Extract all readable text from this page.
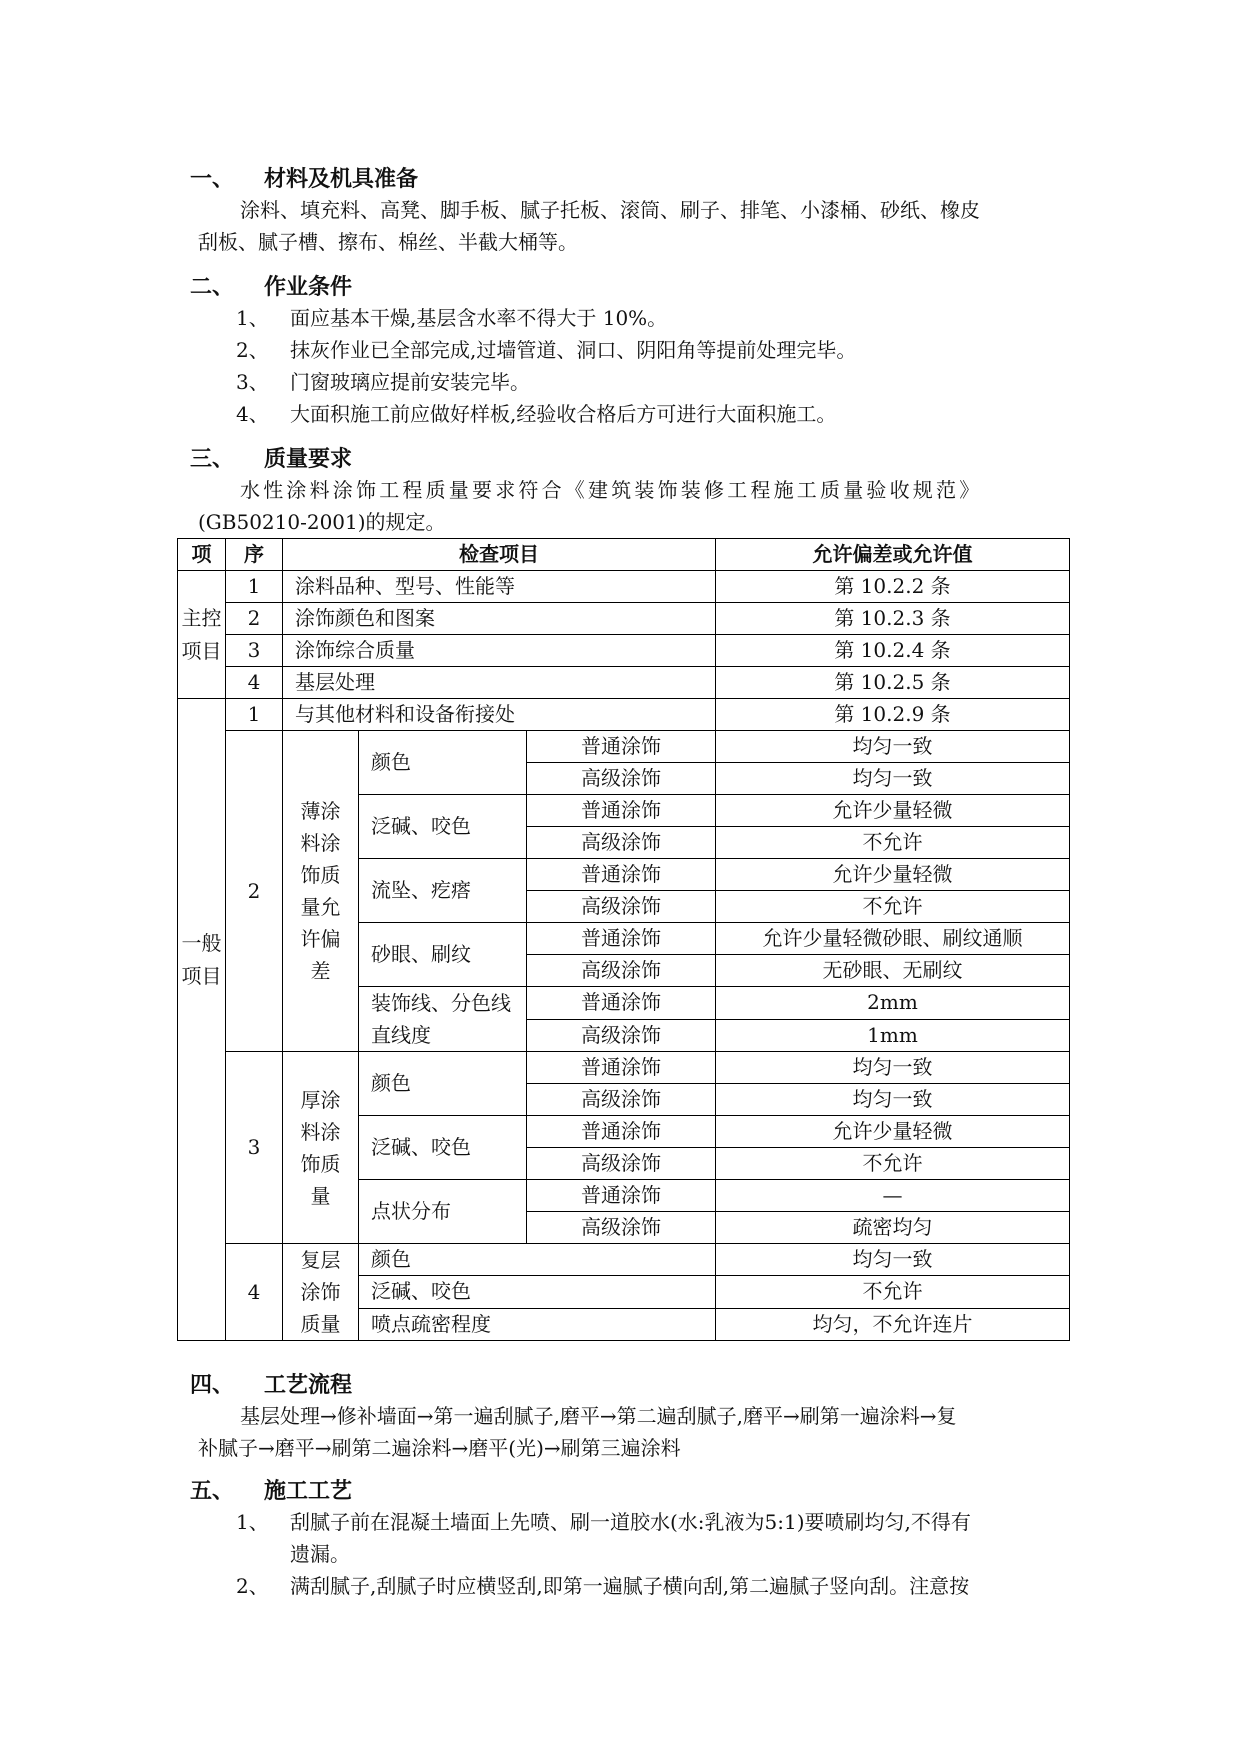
一、 材料及机具准备
涂料、填充料、高凳、脚手板、腻子托板、滚筒、刷子、排笔、小漆桶、砂纸、橡皮
刮板、腻子槽、擦布、棉丝、半截大桶等。
二、 作业条件
1、 面应基本干燥,基层含水率不得大于 10%。
2、 抹灰作业已全部完成,过墙管道、洞口、阴阳角等提前处理完毕。
3、 门窗玻璃应提前安装完毕。
4、 大面积施工前应做好样板,经验收合格后方可进行大面积施工。
三、 质量要求
水性涂料涂饰工程质量要求符合《建筑装饰装修工程施工质量验收规范》
(GB50210-2001)的规定。
项	序	检查项目			允许偏差或允许值
主控项目	1	涂料品种、型号、性能等			第 10.2.2 条
	2	涂饰颜色和图案			第 10.2.3 条
	3	涂饰综合质量			第 10.2.4 条
	4	基层处理			第 10.2.5 条
一般项目	1	与其他材料和设备衔接处			第 10.2.9 条
	2	薄涂料涂饰质量允许偏差	颜色	普通涂饰	均匀一致
				高级涂饰	均匀一致
			泛碱、咬色	普通涂饰	允许少量轻微
				高级涂饰	不允许
			流坠、疙瘩	普通涂饰	允许少量轻微
				高级涂饰	不允许
			砂眼、刷纹	普通涂饰	允许少量轻微砂眼、刷纹通顺
				高级涂饰	无砂眼、无刷纹
			装饰线、分色线直线度	普通涂饰	2mm
				高级涂饰	1mm
	3	厚涂料涂饰质量	颜色	普通涂饰	均匀一致
				高级涂饰	均匀一致
			泛碱、咬色	普通涂饰	允许少量轻微
				高级涂饰	不允许
			点状分布	普通涂饰	—
				高级涂饰	疏密均匀
	4	复层涂饰质量	颜色		均匀一致
			泛碱、咬色		不允许
			喷点疏密程度		均匀，不允许连片
四、 工艺流程
基层处理→修补墙面→第一遍刮腻子,磨平→第二遍刮腻子,磨平→刷第一遍涂料→复
补腻子→磨平→刷第二遍涂料→磨平(光)→刷第三遍涂料
五、 施工工艺
1、 刮腻子前在混凝土墙面上先喷、刷一道胶水(水:乳液为5:1)要喷刷均匀,不得有
遗漏。
2、 满刮腻子,刮腻子时应横竖刮,即第一遍腻子横向刮,第二遍腻子竖向刮。注意按
